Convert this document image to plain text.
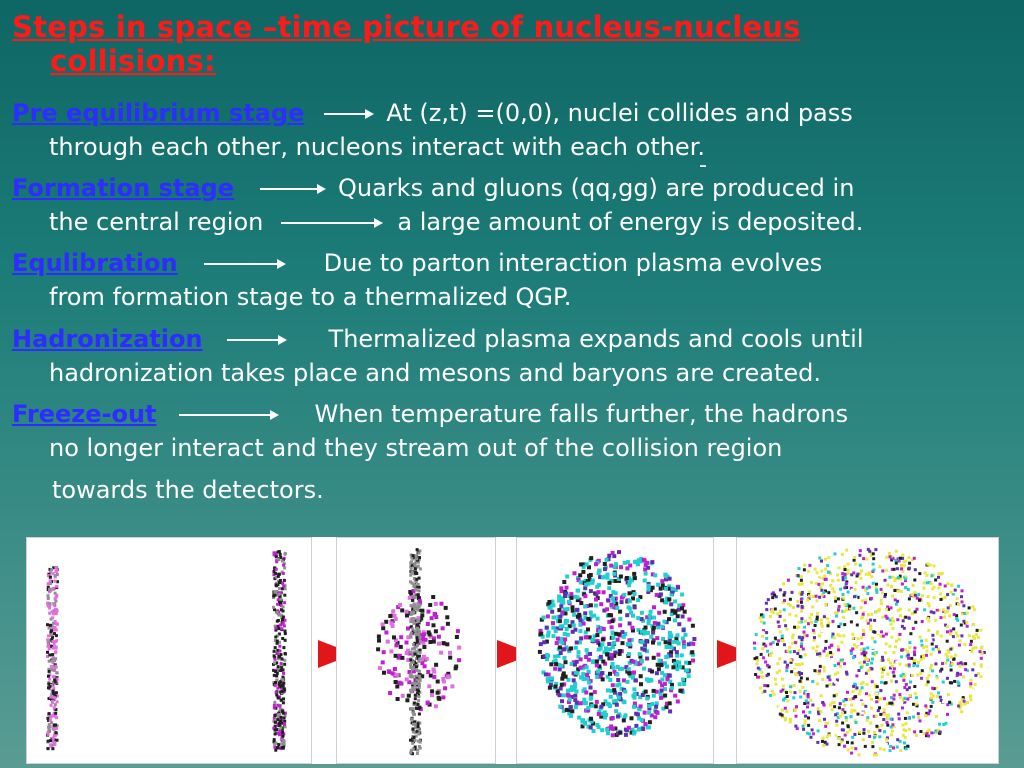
Steps in space –time picture of nucleus-nucleus
collisions:
Pre equilibrium stage	At (z,t) =(0,0), nuclei collides and pass
through each other, nucleons interact with each other.
-
Formation stage	Quarks and gluons (qq,gg) are produced in
the central region	a large amount of energy is deposited.
Equlibration	Due to parton interaction plasma evolves
from formation stage to a thermalized QGP.
Hadronization	Thermalized plasma expands and cools until
hadronization takes place and mesons and baryons are created.
Freeze-out	When temperature falls further, the hadrons
no longer interact and they stream out of the collision region
towards the detectors.
